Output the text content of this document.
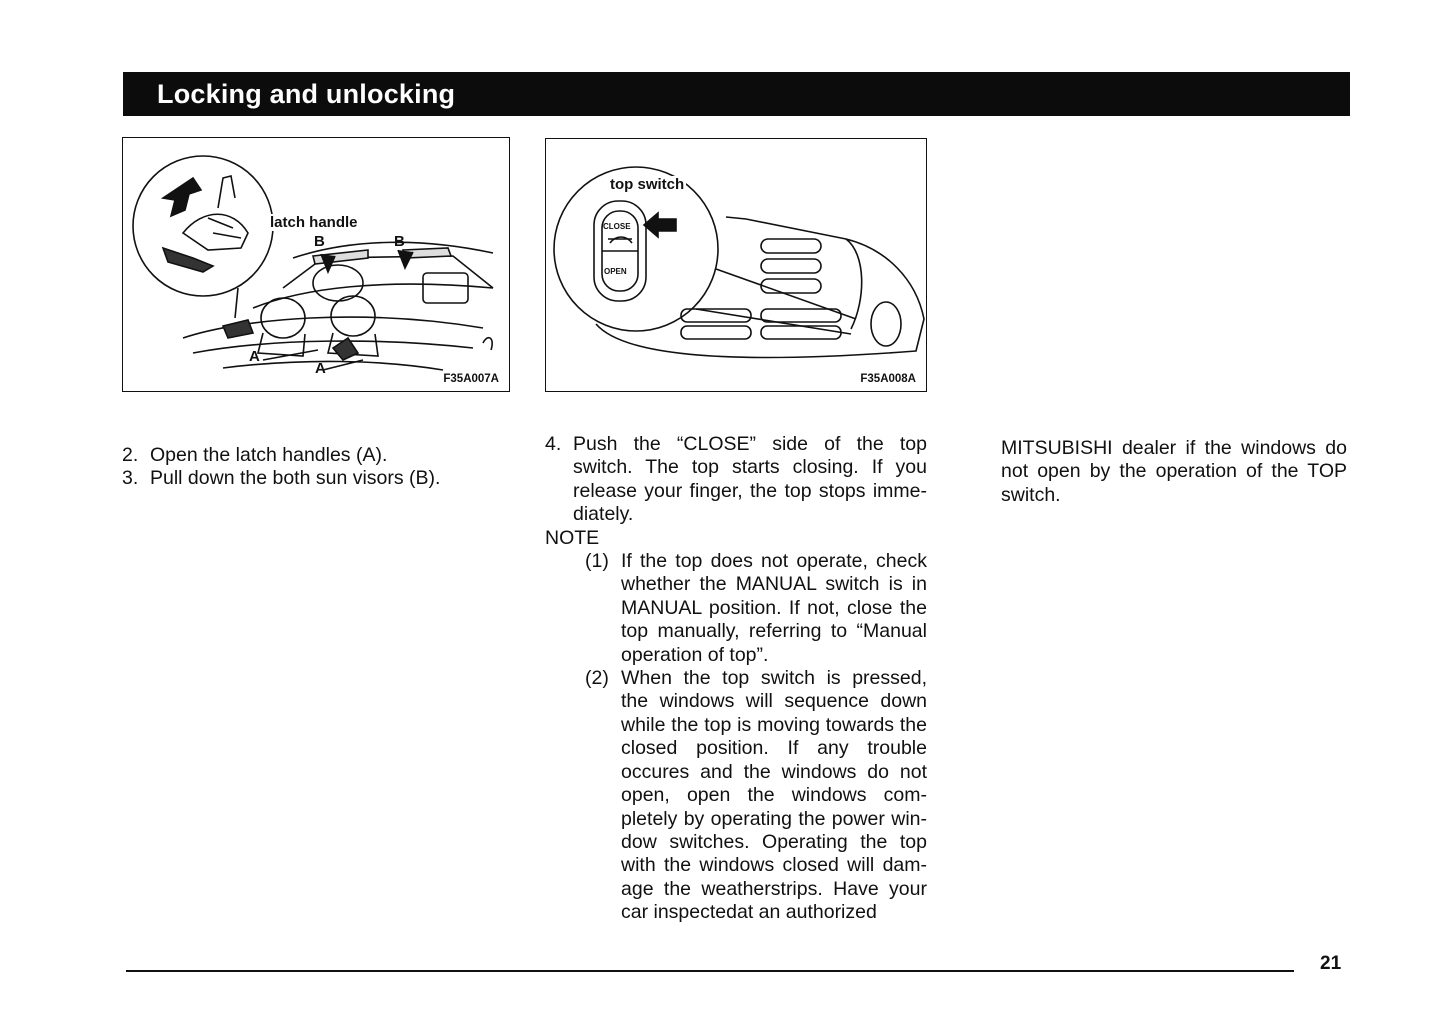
Locking and unlocking
latch handle
B	B
A
A
F35A007A
top switch
CLOSE
OPEN
F35A008A

2. Open the latch handles (A).

3. Pull down the both sun visors (B).

4. Push the “CLOSE” side of the top switch. The top starts closing. If you release your finger, the top stops imme-diately.

NOTE

(1) If the top does not operate, check whether the MANUAL switch is in MANUAL position. If not, close the top manually, referring to “Manual operation of top”.

(2) When the top switch is pressed, the windows will sequence down while the top is moving towards the closed position. If any trouble occures and the windows do not open, open the windows com-pletely by operating the power win-dow switches. Operating the top with the windows closed will dam-age the weatherstrips. Have your car inspectedat an authorized

MITSUBISHI dealer if the windows do not open by the operation of the TOP switch.

21
